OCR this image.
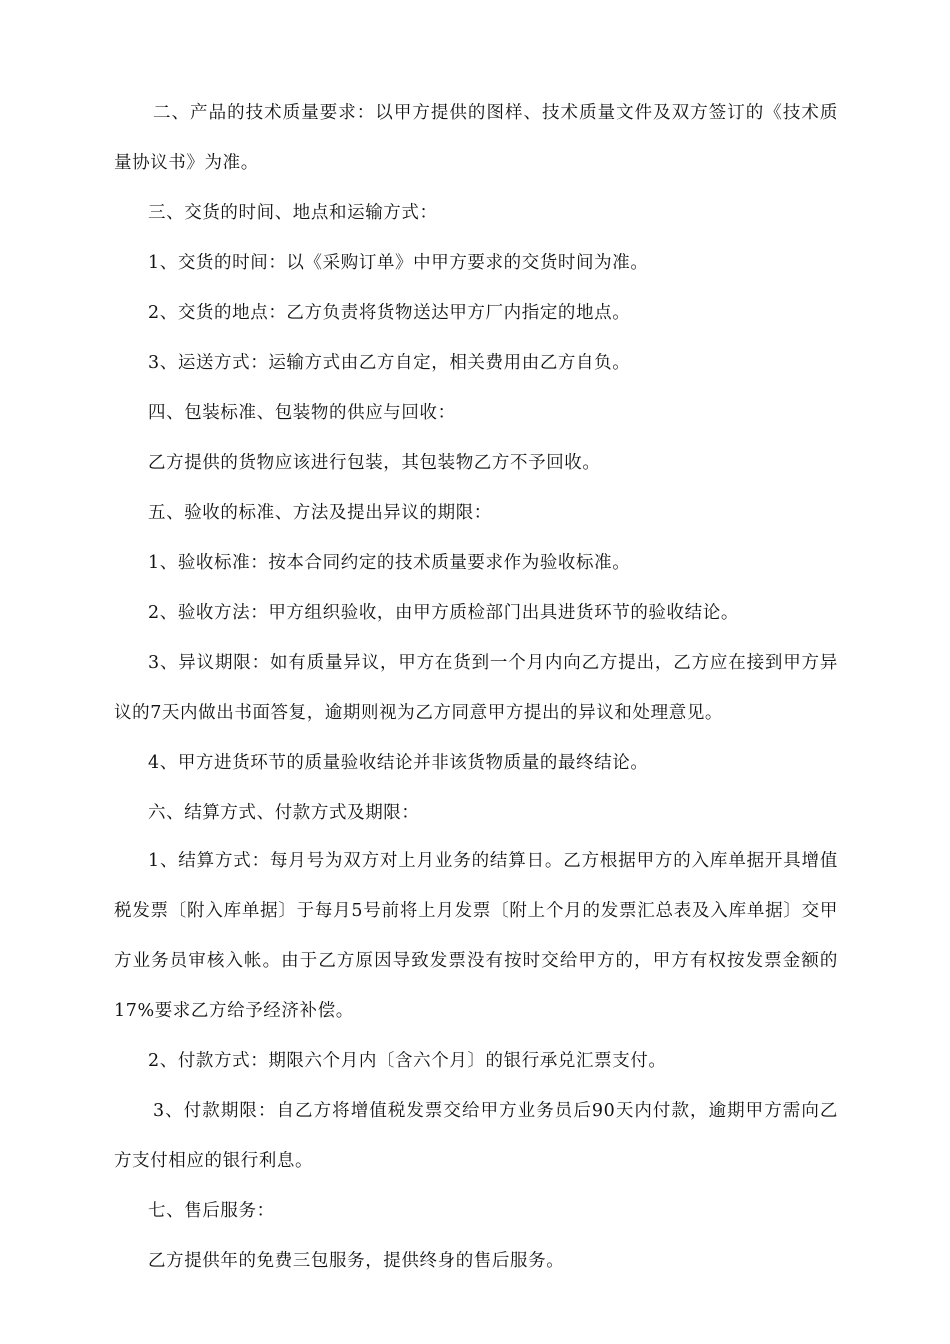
二、产品的技术质量要求：以甲方提供的图样、技术质量文件及双方签订的《技术质量协议书》为准。
三、交货的时间、地点和运输方式：
1、交货的时间：以《采购订单》中甲方要求的交货时间为准。
2、交货的地点：乙方负责将货物送达甲方厂内指定的地点。
3、运送方式：运输方式由乙方自定，相关费用由乙方自负。
四、包装标准、包装物的供应与回收：
乙方提供的货物应该进行包装，其包装物乙方不予回收。
五、验收的标准、方法及提出异议的期限：
1、验收标准：按本合同约定的技术质量要求作为验收标准。
2、验收方法：甲方组织验收，由甲方质检部门出具进货环节的验收结论。
3、异议期限：如有质量异议，甲方在货到一个月内向乙方提出，乙方应在接到甲方异议的7天内做出书面答复，逾期则视为乙方同意甲方提出的异议和处理意见。
4、甲方进货环节的质量验收结论并非该货物质量的最终结论。
六、结算方式、付款方式及期限：
1、结算方式：每月号为双方对上月业务的结算日。乙方根据甲方的入库单据开具增值税发票〔附入库单据〕于每月5号前将上月发票〔附上个月的发票汇总表及入库单据〕交甲方业务员审核入帐。由于乙方原因导致发票没有按时交给甲方的，甲方有权按发票金额的17%要求乙方给予经济补偿。
2、付款方式：期限六个月内〔含六个月〕的银行承兑汇票支付。
3、付款期限：自乙方将增值税发票交给甲方业务员后90天内付款，逾期甲方需向乙方支付相应的银行利息。
七、售后服务：
乙方提供年的免费三包服务，提供终身的售后服务。
